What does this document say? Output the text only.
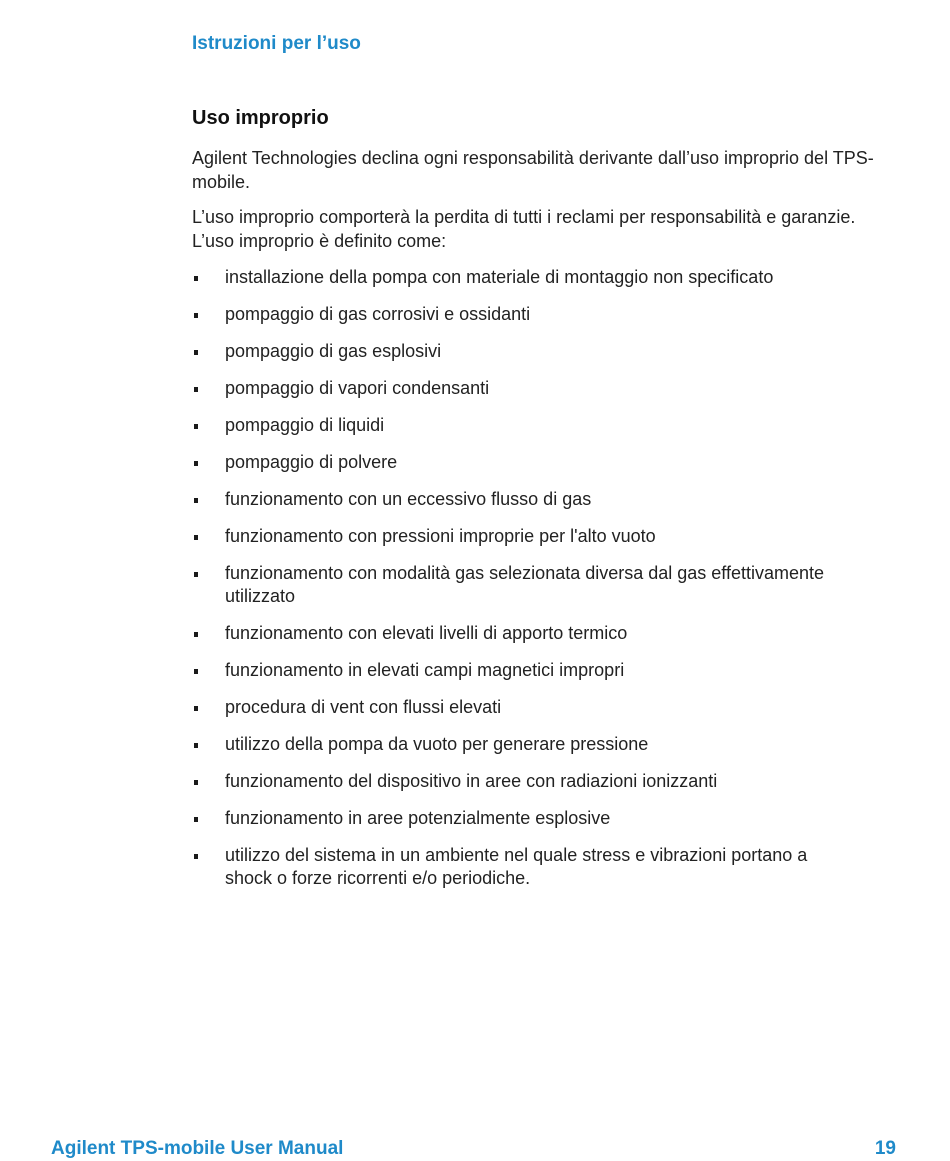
Istruzioni per l’uso
Uso improprio

Agilent Technologies declina ogni responsabilità derivante dall’uso improprio del TPS-mobile.

L’uso improprio comporterà la perdita di tutti i reclami per responsabilità e garanzie. L’uso improprio è definito come:

installazione della pompa con materiale di montaggio non specificato
pompaggio di gas corrosivi e ossidanti
pompaggio di gas esplosivi
pompaggio di vapori condensanti
pompaggio di liquidi
pompaggio di polvere
funzionamento con un eccessivo flusso di gas
funzionamento con pressioni improprie per l'alto vuoto
funzionamento con modalità gas selezionata diversa dal gas effettivamente utilizzato
funzionamento con elevati livelli di apporto termico
funzionamento in elevati campi magnetici impropri
procedura di vent con flussi elevati
utilizzo della pompa da vuoto per generare pressione
funzionamento del dispositivo in aree con radiazioni ionizzanti
funzionamento in aree potenzialmente esplosive
utilizzo del sistema in un ambiente nel quale stress e vibrazioni portano a shock o forze ricorrenti e/o periodiche.
Agilent TPS-mobile User Manual	19
